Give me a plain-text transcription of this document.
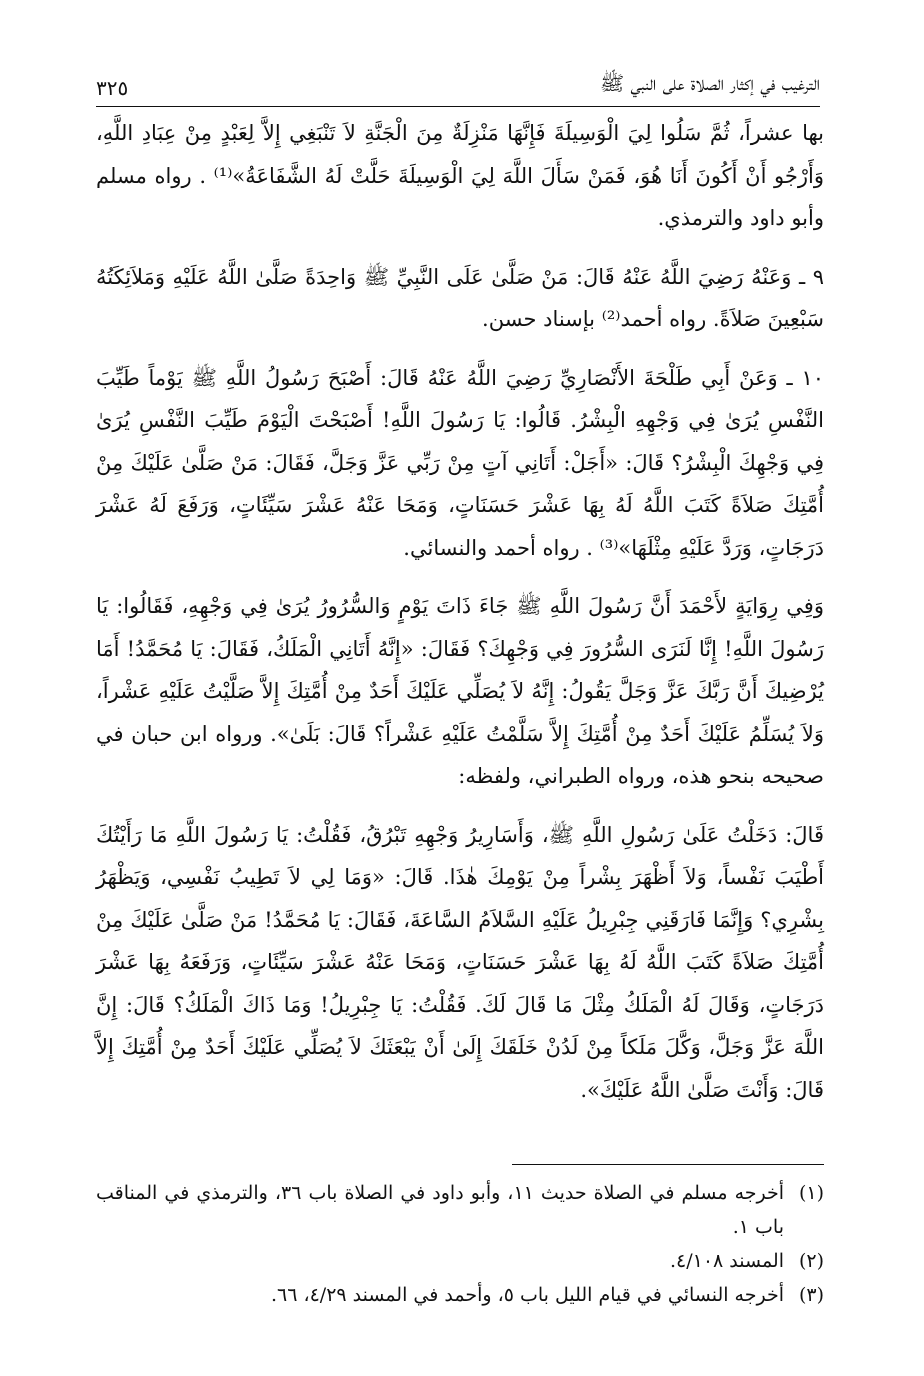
الترغيب في إكثار الصلاة على النبي ﷺ
٣٢٥

بها عشراً، ثُمَّ سَلُوا لِيَ الْوَسِيلَةَ فَإِنَّهَا مَنْزِلَةٌ مِنَ الْجَنَّةِ لاَ تَنْبَغِي إِلاَّ لِعَبْدٍ مِنْ عِبَادِ اللَّهِ، وَأَرْجُو أَنْ أَكُونَ أَنَا هُوَ، فَمَنْ سَأَلَ اللَّهَ لِيَ الْوَسِيلَةَ حَلَّتْ لَهُ الشَّفَاعَةُ»⁽¹⁾ . رواه مسلم وأبو داود والترمذي.

٩ ـ وَعَنْهُ رَضِيَ اللَّهُ عَنْهُ قَالَ: مَنْ صَلَّىٰ عَلَى النَّبِيِّ ﷺ وَاحِدَةً صَلَّىٰ اللَّهُ عَلَيْهِ وَمَلاَئِكَتُهُ سَبْعِينَ صَلاَةً. رواه أحمد⁽²⁾ بإسناد حسن.

١٠ ـ وَعَنْ أَبِي طَلْحَةَ الأَنْصَارِيِّ رَضِيَ اللَّهُ عَنْهُ قَالَ: أَصْبَحَ رَسُولُ اللَّهِ ﷺ يَوْماً طَيِّبَ النَّفْسِ يُرَىٰ فِي وَجْهِهِ الْبِشْرُ. قَالُوا: يَا رَسُولَ اللَّهِ! أَصْبَحْتَ الْيَوْمَ طَيِّبَ النَّفْسِ يُرَىٰ فِي وَجْهِكَ الْبِشْرُ؟ قَالَ: «أَجَلْ: أَتَانِي آتٍ مِنْ رَبِّي عَزَّ وَجَلَّ، فَقَالَ: مَنْ صَلَّىٰ عَلَيْكَ مِنْ أُمَّتِكَ صَلاَةً كَتَبَ اللَّهُ لَهُ بِهَا عَشْرَ حَسَنَاتٍ، وَمَحَا عَنْهُ عَشْرَ سَيِّئَاتٍ، وَرَفَعَ لَهُ عَشْرَ دَرَجَاتٍ، وَرَدَّ عَلَيْهِ مِثْلَهَا»⁽³⁾ . رواه أحمد والنسائي.

وَفِي رِوَايَةٍ لأَحْمَدَ أَنَّ رَسُولَ اللَّهِ ﷺ جَاءَ ذَاتَ يَوْمٍ وَالسُّرُورُ يُرَىٰ فِي وَجْهِهِ، فَقَالُوا: يَا رَسُولَ اللَّهِ! إِنَّا لَنَرَى السُّرُورَ فِي وَجْهِكَ؟ فَقَالَ: «إِنَّهُ أَتَانِي الْمَلَكُ، فَقَالَ: يَا مُحَمَّدُ! أَمَا يُرْضِيكَ أَنَّ رَبَّكَ عَزَّ وَجَلَّ يَقُولُ: إِنَّهُ لاَ يُصَلِّي عَلَيْكَ أَحَدٌ مِنْ أُمَّتِكَ إِلاَّ صَلَّيْتُ عَلَيْهِ عَشْراً، وَلاَ يُسَلِّمُ عَلَيْكَ أَحَدٌ مِنْ أُمَّتِكَ إِلاَّ سَلَّمْتُ عَلَيْهِ عَشْراً؟ قَالَ: بَلَىٰ». ورواه ابن حبان في صحيحه بنحو هذه، ورواه الطبراني، ولفظه:

قَالَ: دَخَلْتُ عَلَىٰ رَسُولِ اللَّهِ ﷺ، وَأَسَارِيرُ وَجْهِهِ تَبْرُقُ، فَقُلْتُ: يَا رَسُولَ اللَّهِ مَا رَأَيْتُكَ أَطْيَبَ نَفْساً، وَلاَ أَظْهَرَ بِشْراً مِنْ يَوْمِكَ هٰذَا. قَالَ: «وَمَا لِي لاَ تَطِيبُ نَفْسِي، وَيَظْهَرُ بِشْرِي؟ وَإِنَّمَا فَارَقَنِي جِبْرِيلُ عَلَيْهِ السَّلاَمُ السَّاعَةَ، فَقَالَ: يَا مُحَمَّدُ! مَنْ صَلَّىٰ عَلَيْكَ مِنْ أُمَّتِكَ صَلاَةً كَتَبَ اللَّهُ لَهُ بِهَا عَشْرَ حَسَنَاتٍ، وَمَحَا عَنْهُ عَشْرَ سَيِّئَاتٍ، وَرَفَعَهُ بِهَا عَشْرَ دَرَجَاتٍ، وَقَالَ لَهُ الْمَلَكُ مِثْلَ مَا قَالَ لَكَ. فَقُلْتُ: يَا جِبْرِيلُ! وَمَا ذَاكَ الْمَلَكُ؟ قَالَ: إِنَّ اللَّهَ عَزَّ وَجَلَّ، وَكَّلَ مَلَكاً مِنْ لَدُنْ خَلَقَكَ إِلَىٰ أَنْ يَبْعَثَكَ لاَ يُصَلِّي عَلَيْكَ أَحَدٌ مِنْ أُمَّتِكَ إِلاَّ قَالَ: وَأَنْتَ صَلَّىٰ اللَّهُ عَلَيْكَ».

(١)
أخرجه مسلم في الصلاة حديث ١١، وأبو داود في الصلاة باب ٣٦، والترمذي في المناقب باب ١.
(٢)
المسند ٤/١٠٨.
(٣)
أخرجه النسائي في قيام الليل باب ٥، وأحمد في المسند ٤/٢٩، ٦٦.
